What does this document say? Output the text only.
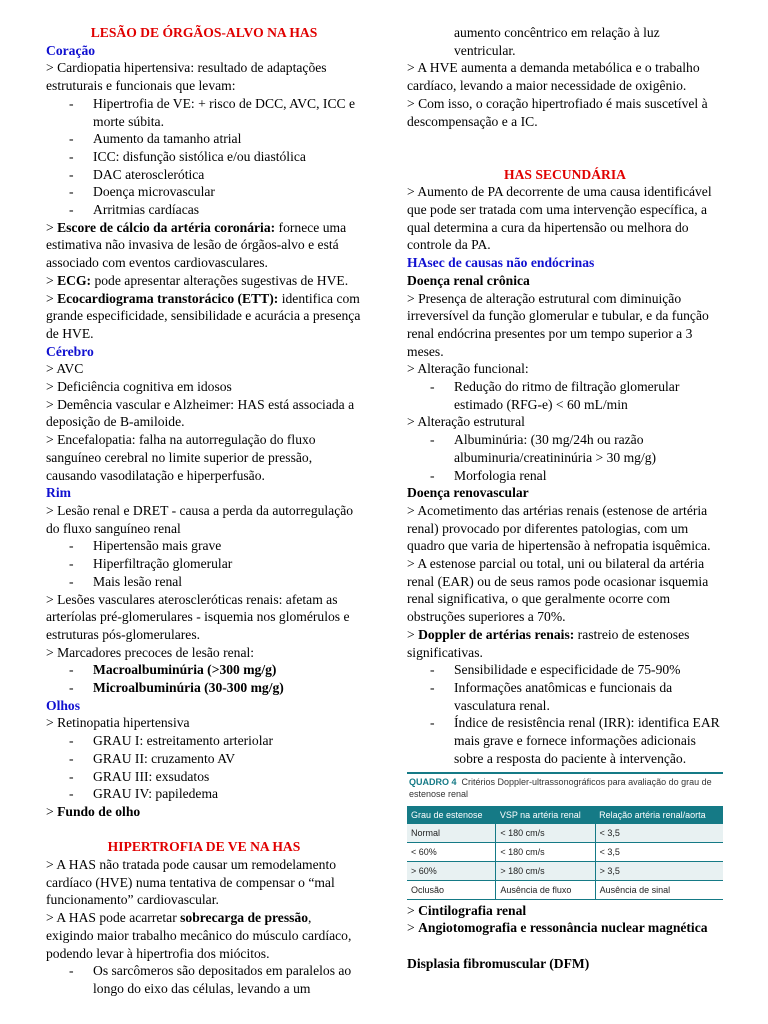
LESÃO DE ÓRGÃOS-ALVO NA HAS

Coração

> Cardiopatia hipertensiva: resultado de adaptações estruturais e funcionais que levam:

- Hipertrofia de VE: + risco de DCC, AVC, ICC e morte súbita.
- Aumento da tamanho atrial
- ICC: disfunção sistólica e/ou diastólica
- DAC aterosclerótica
- Doença microvascular
- Arritmias cardíacas

> Escore de cálcio da artéria coronária: fornece uma estimativa não invasiva de lesão de órgãos-alvo e está associado com eventos cardiovasculares.

> ECG: pode apresentar alterações sugestivas de HVE.

> Ecocardiograma transtorácico (ETT): identifica com grande especificidade, sensibilidade e acurácia a presença de HVE.

Cérebro

> AVC

> Deficiência cognitiva em idosos

> Demência vascular e Alzheimer: HAS está associada a deposição de B-amiloide.

> Encefalopatia: falha na autorregulação do fluxo sanguíneo cerebral no limite superior de pressão, causando vasodilatação e hiperperfusão.

Rim

> Lesão renal e DRET - causa a perda da autorregulação do fluxo sanguíneo renal

- Hipertensão mais grave
- Hiperfiltração glomerular
- Mais lesão renal

> Lesões vasculares ateroscleróticas renais: afetam as arteríolas pré-glomerulares - isquemia nos glomérulos e estruturas pós-glomerulares.

> Marcadores precoces de lesão renal:

- Macroalbuminúria (>300 mg/g)
- Microalbuminúria (30-300 mg/g)

Olhos

> Retinopatia hipertensiva

- GRAU I: estreitamento arteriolar
- GRAU II: cruzamento AV
- GRAU III: exsudatos
- GRAU IV: papiledema

> Fundo de olho

HIPERTROFIA DE VE NA HAS

> A HAS não tratada pode causar um remodelamento cardíaco (HVE) numa tentativa de compensar o “mal funcionamento” cardiovascular.

> A HAS pode acarretar sobrecarga de pressão, exigindo maior trabalho mecânico do músculo cardíaco, podendo levar à hipertrofia dos miócitos.

- Os sarcômeros são depositados em paralelos ao longo do eixo das células, levando a um
aumento concêntrico em relação à luz ventricular.

> A HVE aumenta a demanda metabólica e o trabalho cardíaco, levando a maior necessidade de oxigênio.

> Com isso, o coração hipertrofiado é mais suscetível à descompensação e a IC.

HAS SECUNDÁRIA

> Aumento de PA decorrente de uma causa identificável que pode ser tratada com uma intervenção específica, a qual determina a cura da hipertensão ou melhora do controle da PA.

HAsec de causas não endócrinas

Doença renal crônica

> Presença de alteração estrutural com diminuição irreversível da função glomerular e tubular, e da função renal endócrina presentes por um tempo superior a 3 meses.

> Alteração funcional:

- Redução do ritmo de filtração glomerular estimado (RFG-e) < 60 mL/min

> Alteração estrutural

- Albuminúria: (30 mg/24h ou razão albuminuria/creatininúria > 30 mg/g)
- Morfologia renal

Doença renovascular

> Acometimento das artérias renais (estenose de artéria renal) provocado por diferentes patologias, com um quadro que varia de hipertensão à nefropatia isquêmica.

> A estenose parcial ou total, uni ou bilateral da artéria renal (EAR) ou de seus ramos pode ocasionar isquemia renal significativa, o que geralmente ocorre com obstruções superiores a 70%.

> Doppler de artérias renais: rastreio de estenoses significativas.

- Sensibilidade e especificidade de 75-90%
- Informações anatômicas e funcionais da vasculatura renal.
- Índice de resistência renal (IRR): identifica EAR mais grave e fornece informações adicionais sobre a resposta do paciente à intervenção.
QUADRO 4 Critérios Doppler-ultrassonográficos para avaliação do grau de estenose renal
Grau de estenose	VSP na artéria renal	Relação artéria renal/aorta
Normal	< 180 cm/s	< 3,5
< 60%	< 180 cm/s	< 3,5
> 60%	> 180 cm/s	> 3,5
Oclusão	Ausência de fluxo	Ausência de sinal

> Cintilografia renal

> Angiotomografia e ressonância nuclear magnética

Displasia fibromuscular (DFM)
